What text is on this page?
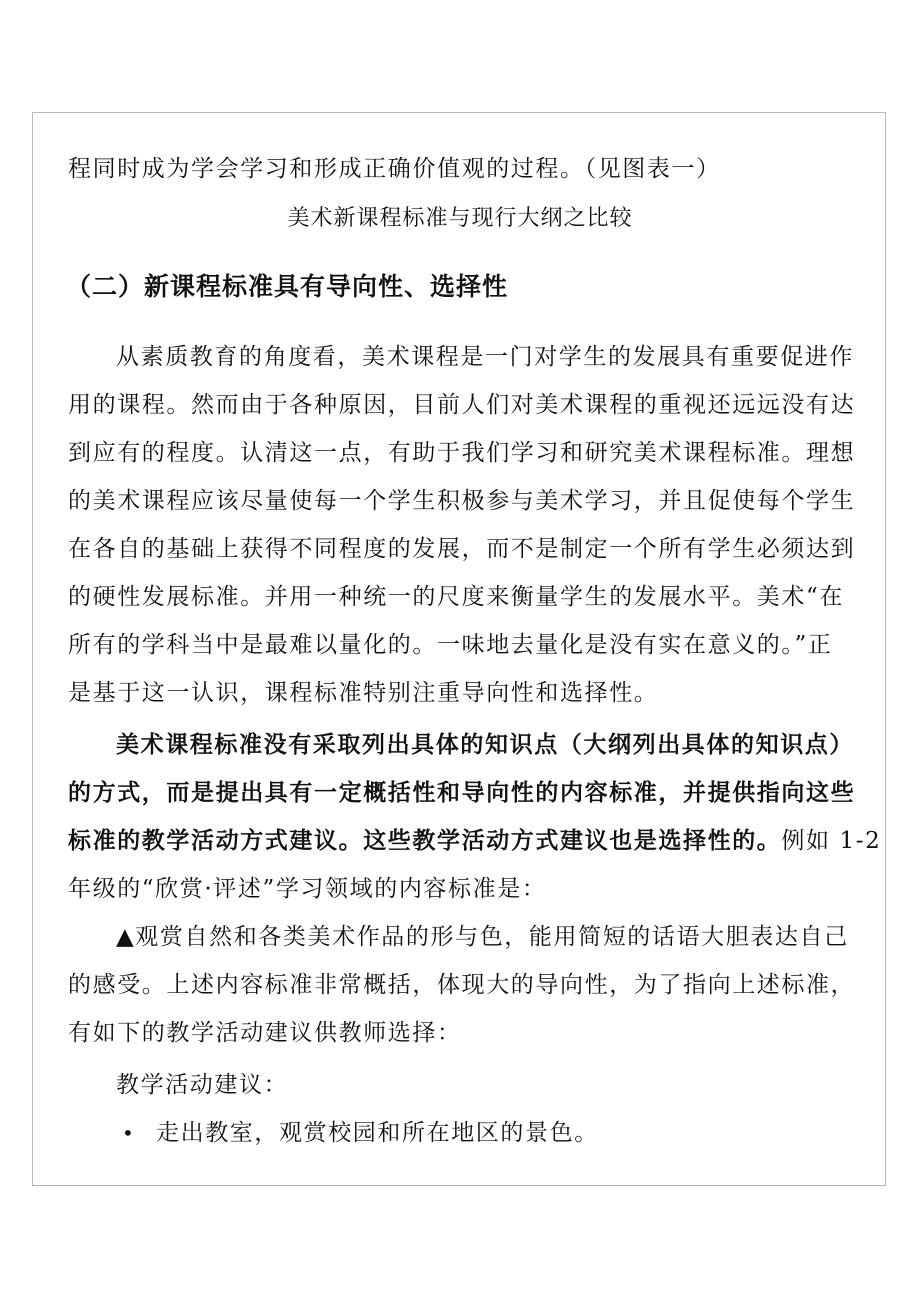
程同时成为学会学习和形成正确价值观的过程。（见图表一）
美术新课程标准与现行大纲之比较
（二）新课程标准具有导向性、选择性
从素质教育的角度看，美术课程是一门对学生的发展具有重要促进作
用的课程。然而由于各种原因，目前人们对美术课程的重视还远远没有达
到应有的程度。认清这一点，有助于我们学习和研究美术课程标准。理想
的美术课程应该尽量使每一个学生积极参与美术学习，并且促使每个学生
在各自的基础上获得不同程度的发展，而不是制定一个所有学生必须达到
的硬性发展标准。并用一种统一的尺度来衡量学生的发展水平。美术“在
所有的学科当中是最难以量化的。一味地去量化是没有实在意义的。”正
是基于这一认识，课程标准特别注重导向性和选择性。
美术课程标准没有采取列出具体的知识点（大纲列出具体的知识点）
的方式，而是提出具有一定概括性和导向性的内容标准，并提供指向这些
标准的教学活动方式建议。这些教学活动方式建议也是选择性的。例如 1-2
年级的“欣赏·评述”学习领域的内容标准是：
▲观赏自然和各类美术作品的形与色，能用简短的话语大胆表达自己
的感受。上述内容标准非常概括，体现大的导向性，为了指向上述标准，
有如下的教学活动建议供教师选择：
教学活动建议：
• 走出教室，观赏校园和所在地区的景色。
